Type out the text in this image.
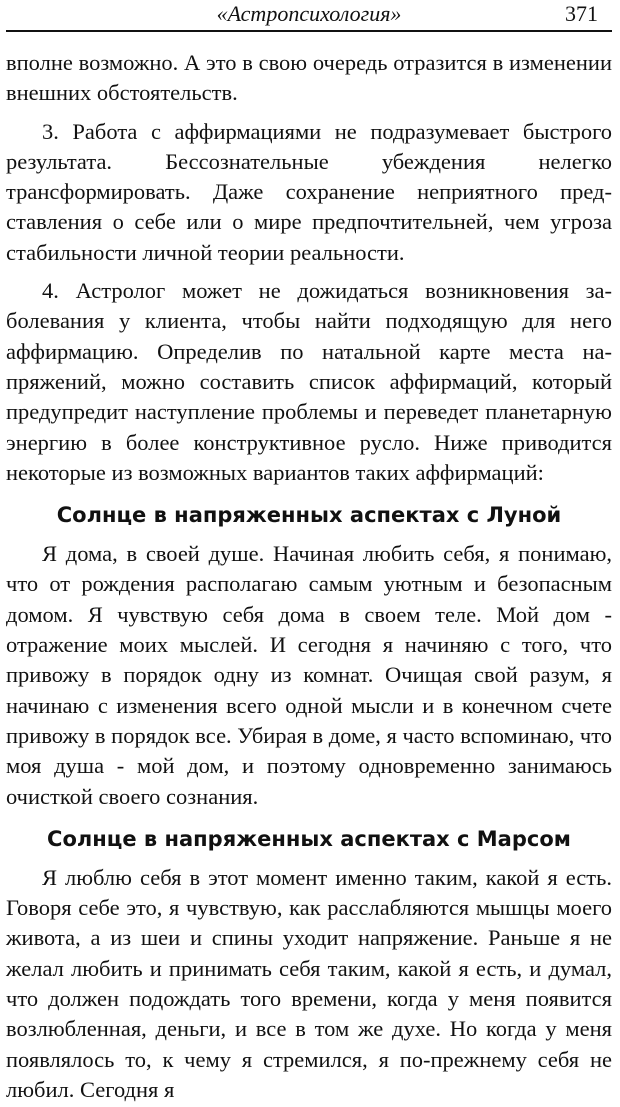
«Астропсихология»	371

вполне возможно. А это в свою очередь отразится в изменении внешних обстоятельств.

3. Работа с аффирмациями не подразумевает быстрого результата. Бессознательные убеждения нелегко трансформировать. Даже сохранение неприятного представления о себе или о мире предпочтительней, чем угроза стабильности личной теории реальности.

4. Астролог может не дожидаться возникновения заболевания у клиента, чтобы найти подходящую для него аффирмацию. Определив по натальной карте места напряжений, можно составить список аффирмаций, который предупредит наступление проблемы и переведет планетарную энергию в более конструктивное русло. Ниже приводится некоторые из возможных вариантов таких аффирмаций:

Солнце в напряженных аспектах с Луной

Я дома, в своей душе. Начиная любить себя, я понимаю, что от рождения располагаю самым уютным и безопасным домом. Я чувствую себя дома в своем теле. Мой дом - отражение моих мыслей. И сегодня я начиняю с того, что привожу в порядок одну из комнат. Очищая свой разум, я начинаю с изменения всего одной мысли и в конечном счете привожу в порядок все. Убирая в доме, я часто вспоминаю, что моя душа - мой дом, и поэтому одновременно занимаюсь очисткой своего сознания.

Солнце в напряженных аспектах с Марсом

Я люблю себя в этот момент именно таким, какой я есть. Говоря себе это, я чувствую, как расслабляются мышцы моего живота, а из шеи и спины уходит напряжение. Раньше я не желал любить и принимать себя таким, какой я есть, и думал, что должен подождать того времени, когда у меня появится возлюбленная, деньги, и все в том же духе. Но когда у меня появлялось то, к чему я стремился, я по-прежнему себя не любил. Сегодня я
